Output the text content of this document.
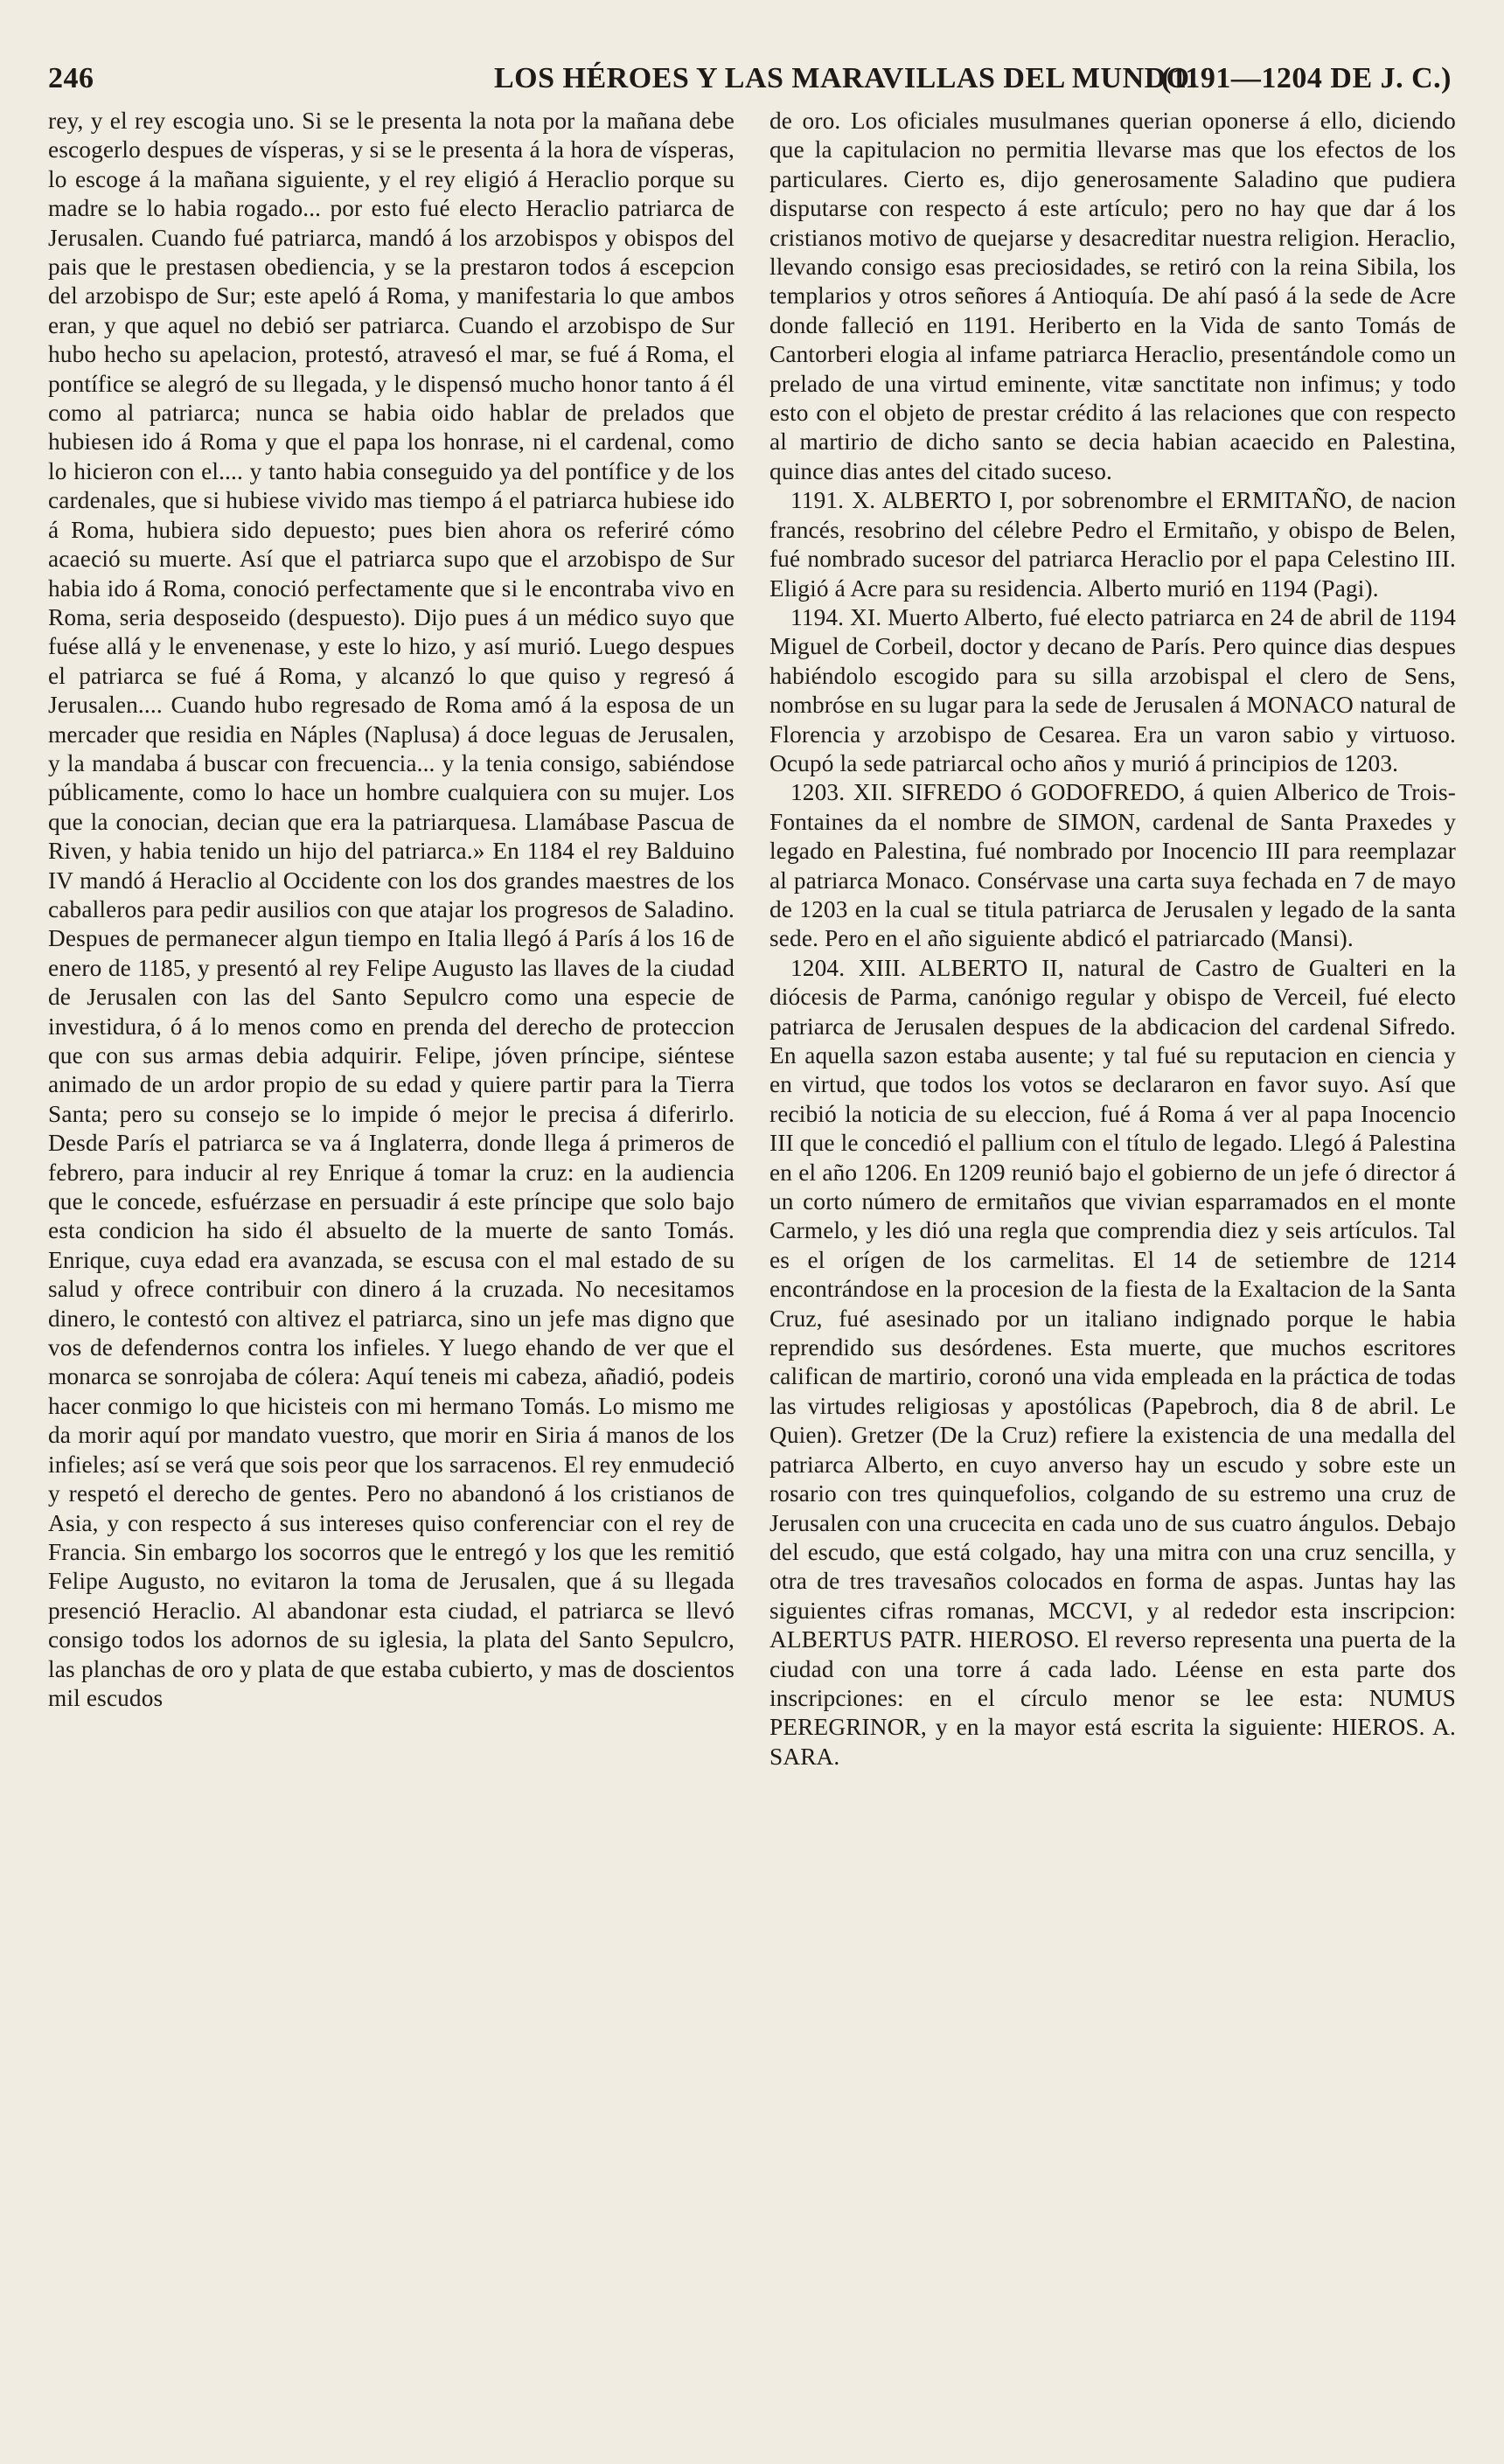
246	LOS HÉROES Y LAS MARAVILLAS DEL MUNDO.
(1191—1204 DE J. C.)

rey, y el rey escogia uno. Si se le presenta la nota por la mañana debe escogerlo despues de vísperas, y si se le presenta á la hora de vísperas, lo escoge á la mañana siguiente, y el rey eligió á Heraclio porque su madre se lo habia rogado... por esto fué electo Heraclio patriarca de Jerusalen. Cuando fué patriarca, mandó á los arzobispos y obispos del pais que le prestasen obediencia, y se la prestaron todos á escepcion del arzobispo de Sur; este apeló á Roma, y manifestaria lo que ambos eran, y que aquel no debió ser patriarca. Cuando el arzobispo de Sur hubo hecho su apelacion, protestó, atravesó el mar, se fué á Roma, el pontífice se alegró de su llegada, y le dispensó mucho honor tanto á él como al patriarca; nunca se habia oido hablar de prelados que hubiesen ido á Roma y que el papa los honrase, ni el cardenal, como lo hicieron con el.... y tanto habia conseguido ya del pontífice y de los cardenales, que si hubiese vivido mas tiempo á el patriarca hubiese ido á Roma, hubiera sido depuesto; pues bien ahora os referiré cómo acaeció su muerte. Así que el patriarca supo que el arzobispo de Sur habia ido á Roma, conoció perfectamente que si le encontraba vivo en Roma, seria desposeido (despuesto). Dijo pues á un médico suyo que fuése allá y le envenenase, y este lo hizo, y así murió. Luego despues el patriarca se fué á Roma, y alcanzó lo que quiso y regresó á Jerusalen.... Cuando hubo regresado de Roma amó á la esposa de un mercader que residia en Náples (Naplusa) á doce leguas de Jerusalen, y la mandaba á buscar con frecuencia... y la tenia consigo, sabiéndose públicamente, como lo hace un hombre cualquiera con su mujer. Los que la conocian, decian que era la patriarquesa. Llamábase Pascua de Riven, y habia tenido un hijo del patriarca.» En 1184 el rey Balduino IV mandó á Heraclio al Occidente con los dos grandes maestres de los caballeros para pedir ausilios con que atajar los progresos de Saladino. Despues de permanecer algun tiempo en Italia llegó á París á los 16 de enero de 1185, y presentó al rey Felipe Augusto las llaves de la ciudad de Jerusalen con las del Santo Sepulcro como una especie de investidura, ó á lo menos como en prenda del derecho de proteccion que con sus armas debia adquirir. Felipe, jóven príncipe, siéntese animado de un ardor propio de su edad y quiere partir para la Tierra Santa; pero su consejo se lo impide ó mejor le precisa á diferirlo. Desde París el patriarca se va á Inglaterra, donde llega á primeros de febrero, para inducir al rey Enrique á tomar la cruz: en la audiencia que le concede, esfuérzase en persuadir á este príncipe que solo bajo esta condicion ha sido él absuelto de la muerte de santo Tomás. Enrique, cuya edad era avanzada, se escusa con el mal estado de su salud y ofrece contribuir con dinero á la cruzada. No necesitamos dinero, le contestó con altivez el patriarca, sino un jefe mas digno que vos de defendernos contra los infieles. Y luego ehando de ver que el monarca se sonrojaba de cólera: Aquí teneis mi cabeza, añadió, podeis hacer conmigo lo que hicisteis con mi hermano Tomás. Lo mismo me da morir aquí por mandato vuestro, que morir en Siria á manos de los infieles; así se verá que sois peor que los sarracenos. El rey enmudeció y respetó el derecho de gentes. Pero no abandonó á los cristianos de Asia, y con respecto á sus intereses quiso conferenciar con el rey de Francia. Sin embargo los socorros que le entregó y los que les remitió Felipe Augusto, no evitaron la toma de Jerusalen, que á su llegada presenció Heraclio. Al abandonar esta ciudad, el patriarca se llevó consigo todos los adornos de su iglesia, la plata del Santo Sepulcro, las planchas de oro y plata de que estaba cubierto, y mas de doscientos mil escudos

de oro. Los oficiales musulmanes querian oponerse á ello, diciendo que la capitulacion no permitia llevarse mas que los efectos de los particulares. Cierto es, dijo generosamente Saladino que pudiera disputarse con respecto á este artículo; pero no hay que dar á los cristianos motivo de quejarse y desacreditar nuestra religion. Heraclio, llevando consigo esas preciosidades, se retiró con la reina Sibila, los templarios y otros señores á Antioquía. De ahí pasó á la sede de Acre donde falleció en 1191. Heriberto en la Vida de santo Tomás de Cantorberi elogia al infame patriarca Heraclio, presentándole como un prelado de una virtud eminente, vitæ sanctitate non infimus; y todo esto con el objeto de prestar crédito á las relaciones que con respecto al martirio de dicho santo se decia habian acaecido en Palestina, quince dias antes del citado suceso.

1191. X. ALBERTO I, por sobrenombre el ERMITAÑO, de nacion francés, resobrino del célebre Pedro el Ermitaño, y obispo de Belen, fué nombrado sucesor del patriarca Heraclio por el papa Celestino III. Eligió á Acre para su residencia. Alberto murió en 1194 (Pagi).

1194. XI. Muerto Alberto, fué electo patriarca en 24 de abril de 1194 Miguel de Corbeil, doctor y decano de París. Pero quince dias despues habiéndolo escogido para su silla arzobispal el clero de Sens, nombróse en su lugar para la sede de Jerusalen á MONACO natural de Florencia y arzobispo de Cesarea. Era un varon sabio y virtuoso. Ocupó la sede patriarcal ocho años y murió á principios de 1203.

1203. XII. SIFREDO ó GODOFREDO, á quien Alberico de Trois-Fontaines da el nombre de SIMON, cardenal de Santa Praxedes y legado en Palestina, fué nombrado por Inocencio III para reemplazar al patriarca Monaco. Consérvase una carta suya fechada en 7 de mayo de 1203 en la cual se titula patriarca de Jerusalen y legado de la santa sede. Pero en el año siguiente abdicó el patriarcado (Mansi).

1204. XIII. ALBERTO II, natural de Castro de Gualteri en la diócesis de Parma, canónigo regular y obispo de Verceil, fué electo patriarca de Jerusalen despues de la abdicacion del cardenal Sifredo. En aquella sazon estaba ausente; y tal fué su reputacion en ciencia y en virtud, que todos los votos se declararon en favor suyo. Así que recibió la noticia de su eleccion, fué á Roma á ver al papa Inocencio III que le concedió el pallium con el título de legado. Llegó á Palestina en el año 1206. En 1209 reunió bajo el gobierno de un jefe ó director á un corto número de ermitaños que vivian esparramados en el monte Carmelo, y les dió una regla que comprendia diez y seis artículos. Tal es el orígen de los carmelitas. El 14 de setiembre de 1214 encontrándose en la procesion de la fiesta de la Exaltacion de la Santa Cruz, fué asesinado por un italiano indignado porque le habia reprendido sus desórdenes. Esta muerte, que muchos escritores califican de martirio, coronó una vida empleada en la práctica de todas las virtudes religiosas y apostólicas (Papebroch, dia 8 de abril. Le Quien). Gretzer (De la Cruz) refiere la existencia de una medalla del patriarca Alberto, en cuyo anverso hay un escudo y sobre este un rosario con tres quinquefolios, colgando de su estremo una cruz de Jerusalen con una crucecita en cada uno de sus cuatro ángulos. Debajo del escudo, que está colgado, hay una mitra con una cruz sencilla, y otra de tres travesaños colocados en forma de aspas. Juntas hay las siguientes cifras romanas, MCCVI, y al rededor esta inscripcion: ALBERTUS PATR. HIEROSO. El reverso representa una puerta de la ciudad con una torre á cada lado. Léense en esta parte dos inscripciones: en el círculo menor se lee esta: NUMUS PEREGRINOR, y en la mayor está escrita la siguiente: HIEROS. A. SARA.
